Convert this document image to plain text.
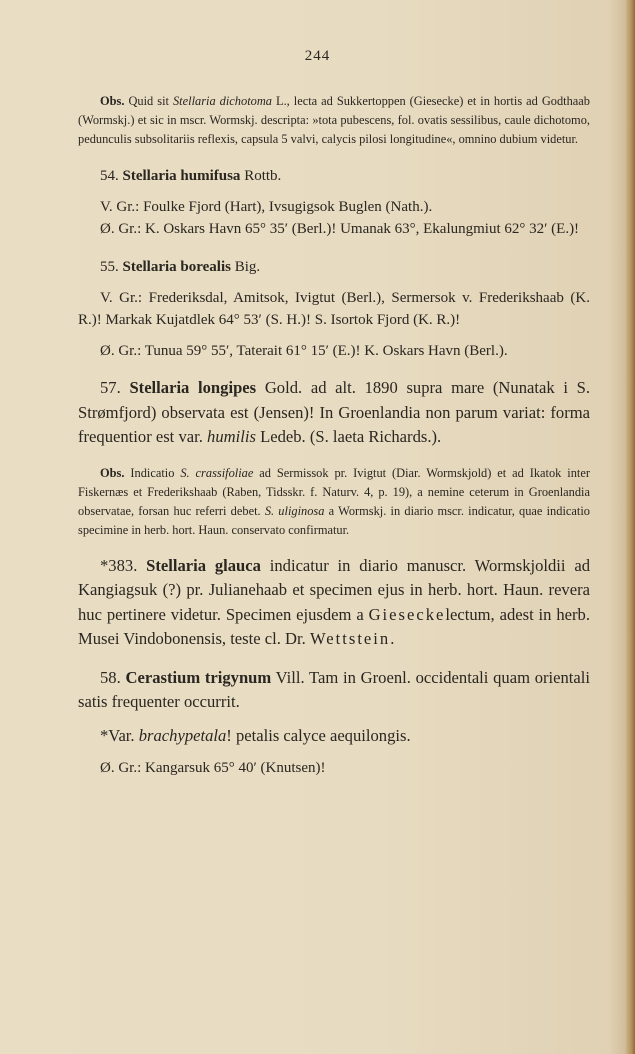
244

Obs. Quid sit Stellaria dichotoma L., lecta ad Sukkertoppen (Giesecke) et in hortis ad Godthaab (Wormskj.) et sic in mscr. Wormskj. descripta: »tota pubescens, fol. ovatis sessilibus, caule dichotomo, pedunculis subsolitariis reflexis, capsula 5 valvi, calycis pilosi longitudine«, omnino dubium videtur.

54. Stellaria humifusa Rottb.

V. Gr.: Foulke Fjord (Hart), Ivsugigsok Buglen (Nath.).

Ø. Gr.: K. Oskars Havn 65° 35′ (Berl.)! Umanak 63°, Ekalungmiut 62° 32′ (E.)!

55. Stellaria borealis Big.

V. Gr.: Frederiksdal, Amitsok, Ivigtut (Berl.), Sermersok v. Frederikshaab (K. R.)! Markak Kujatdlek 64° 53′ (S. H.)! S. Isortok Fjord (K. R.)!

Ø. Gr.: Tunua 59° 55′, Taterait 61° 15′ (E.)! K. Oskars Havn (Berl.).

57. Stellaria longipes Gold. ad alt. 1890 supra mare (Nunatak i S. Strømfjord) observata est (Jensen)! In Groenlandia non parum variat: forma frequentior est var. humilis Ledeb. (S. laeta Richards.).

Obs. Indicatio S. crassifoliae ad Sermissok pr. Ivigtut (Diar. Wormskjold) et ad Ikatok inter Fiskernæs et Frederikshaab (Raben, Tidsskr. f. Naturv. 4, p. 19), a nemine ceterum in Groenlandia observatae, forsan huc referri debet. S. uliginosa a Wormskj. in diario mscr. indicatur, quae indicatio specimine in herb. hort. Haun. conservato confirmatur.

*383. Stellaria glauca indicatur in diario manuscr. Wormskjoldii ad Kangiagsuk (?) pr. Julianehaab et specimen ejus in herb. hort. Haun. revera huc pertinere videtur. Specimen ejusdem a Gieseckelectum, adest in herb. Musei Vindobonensis, teste cl. Dr. Wettstein.

58. Cerastium trigynum Vill. Tam in Groenl. occidentali quam orientali satis frequenter occurrit.

*Var. brachypetala! petalis calyce aequilongis.

Ø. Gr.: Kangarsuk 65° 40′ (Knutsen)!
